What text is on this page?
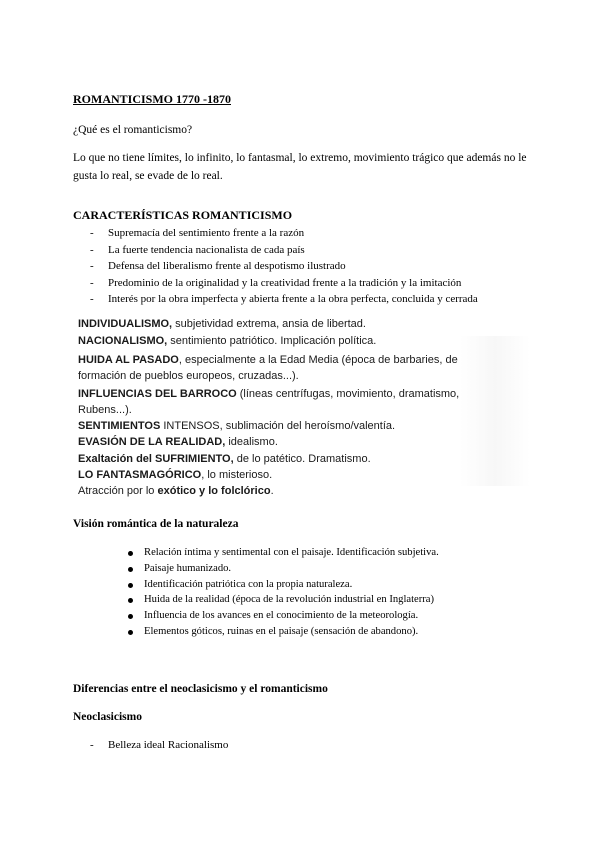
ROMANTICISMO 1770 -1870
¿Qué es el romanticismo?
Lo que no tiene límites, lo infinito, lo fantasmal, lo extremo, movimiento trágico que además no le gusta lo real, se evade de lo real.
CARACTERÍSTICAS ROMANTICISMO
- Supremacía del sentimiento frente a la razón
- La fuerte tendencia nacionalista de cada país
- Defensa del liberalismo frente al despotismo ilustrado
- Predominio de la originalidad y la creatividad frente a la tradición y la imitación
- Interés por la obra imperfecta y abierta frente a la obra perfecta, concluida y cerrada
INDIVIDUALISMO, subjetividad extrema, ansia de libertad.
NACIONALISMO, sentimiento patriótico. Implicación política.
HUIDA AL PASADO, especialmente a la Edad Media (época de barbaries, de formación de pueblos europeos, cruzadas...).
INFLUENCIAS DEL BARROCO (líneas centrífugas, movimiento, dramatismo, Rubens...).
SENTIMIENTOS INTENSOS, sublimación del heroísmo/valentía.
EVASIÓN DE LA REALIDAD, idealismo.
Exaltación del SUFRIMIENTO, de lo patético. Dramatismo.
LO FANTASMAGÓRICO, lo misterioso.
Atracción por lo exótico y lo folclórico.
Visión romántica de la naturaleza
Relación íntima y sentimental con el paisaje. Identificación subjetiva.
Paisaje humanizado.
Identificación patriótica con la propia naturaleza.
Huida de la realidad (época de la revolución industrial en Inglaterra)
Influencia de los avances en el conocimiento de la meteorología.
Elementos góticos, ruinas en el paisaje (sensación de abandono).
Diferencias entre el neoclasicismo y el romanticismo
Neoclasicismo
- Belleza ideal Racionalismo
